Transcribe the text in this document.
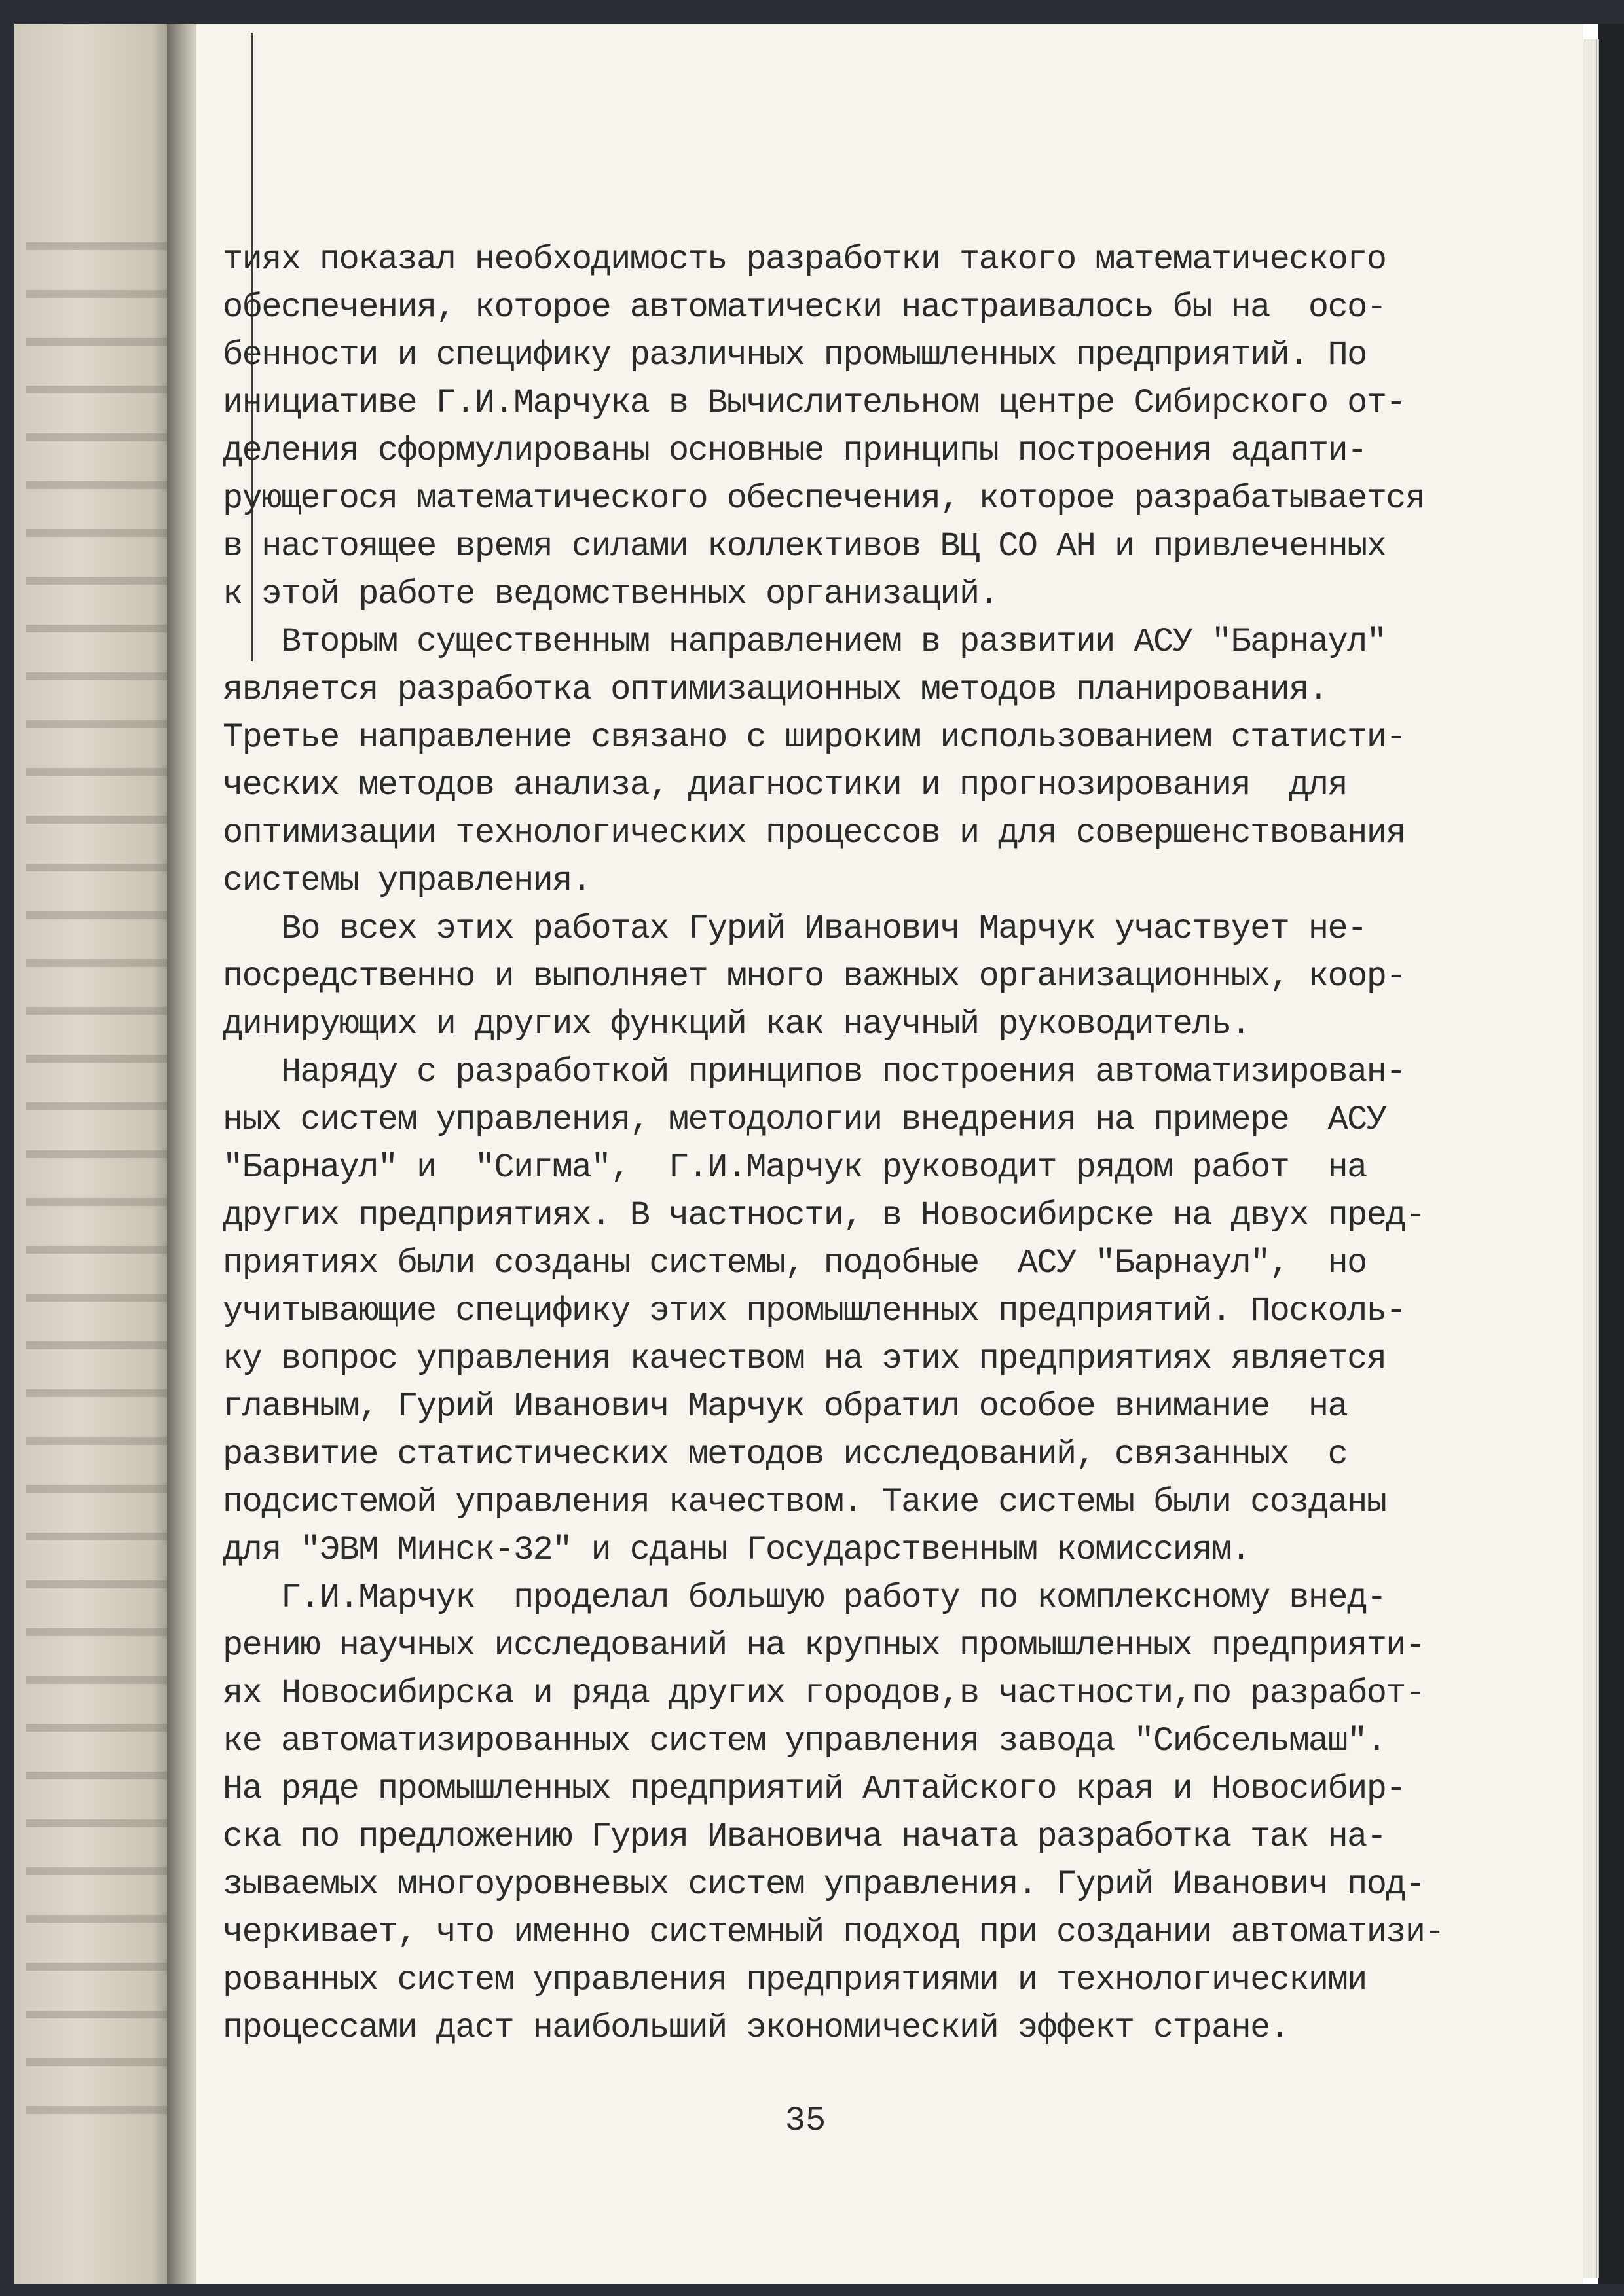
тиях показал необходимость разработки такого математического
обеспечения, которое автоматически настраивалось бы на  осо-
бенности и специфику различных промышленных предприятий. По
инициативе Г.И.Марчука в Вычислительном центре Сибирского от-
деления сформулированы основные принципы построения адапти-
рующегося математического обеспечения, которое разрабатывается
в настоящее время силами коллективов ВЦ СО АН и привлеченных
к этой работе ведомственных организаций.
Вторым существенным направлением в развитии АСУ "Барнаул"
является разработка оптимизационных методов планирования.
Третье направление связано с широким использованием статисти-
ческих методов анализа, диагностики и прогнозирования  для
оптимизации технологических процессов и для совершенствования
системы управления.
Во всех этих работах Гурий Иванович Марчук участвует не-
посредственно и выполняет много важных организационных, коор-
динирующих и других функций как научный руководитель.
Наряду с разработкой принципов построения автоматизирован-
ных систем управления, методологии внедрения на примере  АСУ
"Барнаул" и  "Сигма",  Г.И.Марчук руководит рядом работ  на
других предприятиях. В частности, в Новосибирске на двух пред-
приятиях были созданы системы, подобные  АСУ "Барнаул",  но
учитывающие специфику этих промышленных предприятий. Посколь-
ку вопрос управления качеством на этих предприятиях является
главным, Гурий Иванович Марчук обратил особое внимание  на
развитие статистических методов исследований, связанных  с
подсистемой управления качеством. Такие системы были созданы
для "ЭВМ Минск-32" и сданы Государственным комиссиям.
Г.И.Марчук  проделал большую работу по комплексному внед-
рению научных исследований на крупных промышленных предприяти-
ях Новосибирска и ряда других городов,в частности,по разработ-
ке автоматизированных систем управления завода "Сибсельмаш".
На ряде промышленных предприятий Алтайского края и Новосибир-
ска по предложению Гурия Ивановича начата разработка так на-
зываемых многоуровневых систем управления. Гурий Иванович под-
черкивает, что именно системный подход при создании автоматизи-
рованных систем управления предприятиями и технологическими
процессами даст наибольший экономический эффект стране.
35
